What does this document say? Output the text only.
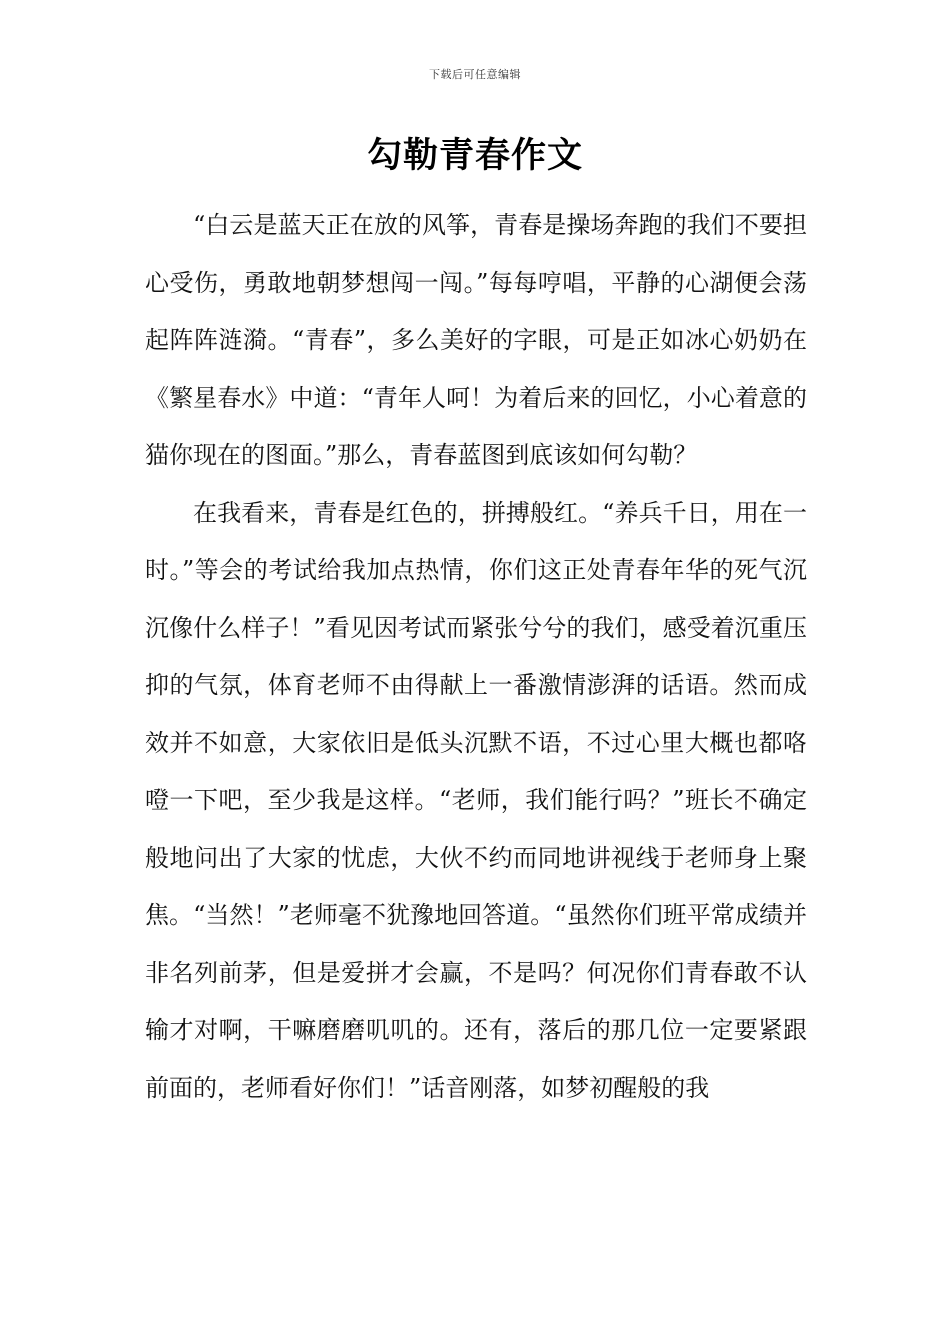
下载后可任意编辑
勾勒青春作文

“白云是蓝天正在放的风筝，青春是操场奔跑的我们不要担心受伤，勇敢地朝梦想闯一闯。”每每哼唱，平静的心湖便会荡起阵阵涟漪。“青春”，多么美好的字眼，可是正如冰心奶奶在《繁星春水》中道：“青年人呵！为着后来的回忆，小心着意的猫你现在的图面。”那么，青春蓝图到底该如何勾勒？

在我看来，青春是红色的，拼搏般红。“养兵千日，用在一时。”等会的考试给我加点热情，你们这正处青春年华的死气沉沉像什么样子！”看见因考试而紧张兮兮的我们，感受着沉重压抑的气氛，体育老师不由得献上一番激情澎湃的话语。然而成效并不如意，大家依旧是低头沉默不语，不过心里大概也都咯噔一下吧，至少我是这样。“老师，我们能行吗？”班长不确定般地问出了大家的忧虑，大伙不约而同地讲视线于老师身上聚焦。“当然！”老师毫不犹豫地回答道。“虽然你们班平常成绩并非名列前茅，但是爱拼才会赢，不是吗？何况你们青春敢不认输才对啊，干嘛磨磨叽叽的。还有，落后的那几位一定要紧跟前面的，老师看好你们！”话音刚落，如梦初醒般的我
